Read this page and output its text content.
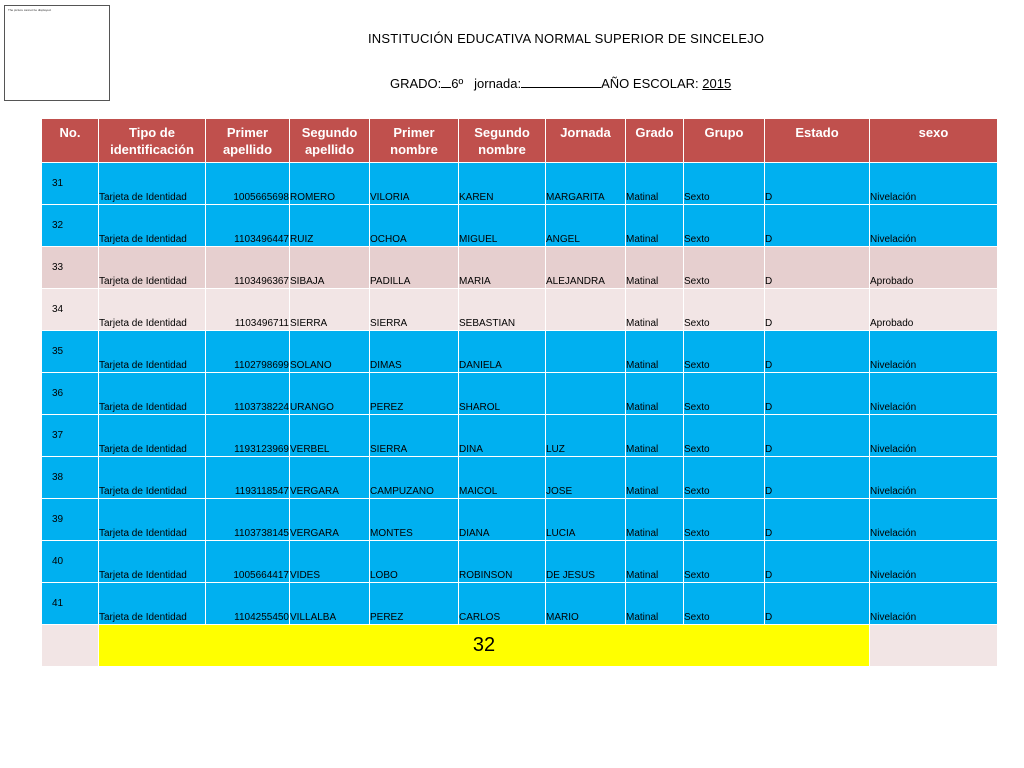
The picture cannot be displayed.
INSTITUCIÓN EDUCATIVA NORMAL SUPERIOR DE SINCELEJO
GRADO: 6º jornada:	AÑO ESCOLAR: 2015
No.	Tipo de identificación	Primer apellido	Segundo apellido	Primer nombre	Segundo nombre	Jornada	Grado	Grupo	Estado	sexo
31	Tarjeta de Identidad	1005665698	ROMERO	VILORIA	KAREN	MARGARITA	Matinal	Sexto	D	Nivelación
32	Tarjeta de Identidad	1103496447	RUIZ	OCHOA	MIGUEL	ANGEL	Matinal	Sexto	D	Nivelación
33	Tarjeta de Identidad	1103496367	SIBAJA	PADILLA	MARIA	ALEJANDRA	Matinal	Sexto	D	Aprobado
34	Tarjeta de Identidad	1103496711	SIERRA	SIERRA	SEBASTIAN		Matinal	Sexto	D	Aprobado
35	Tarjeta de Identidad	1102798699	SOLANO	DIMAS	DANIELA		Matinal	Sexto	D	Nivelación
36	Tarjeta de Identidad	1103738224	URANGO	PEREZ	SHAROL		Matinal	Sexto	D	Nivelación
37	Tarjeta de Identidad	1193123969	VERBEL	SIERRA	DINA	LUZ	Matinal	Sexto	D	Nivelación
38	Tarjeta de Identidad	1193118547	VERGARA	CAMPUZANO	MAICOL	JOSE	Matinal	Sexto	D	Nivelación
39	Tarjeta de Identidad	1103738145	VERGARA	MONTES	DIANA	LUCIA	Matinal	Sexto	D	Nivelación
40	Tarjeta de Identidad	1005664417	VIDES	LOBO	ROBINSON	DE JESUS	Matinal	Sexto	D	Nivelación
41	Tarjeta de Identidad	1104255450	VILLALBA	PEREZ	CARLOS	MARIO	Matinal	Sexto	D	Nivelación
	32									
